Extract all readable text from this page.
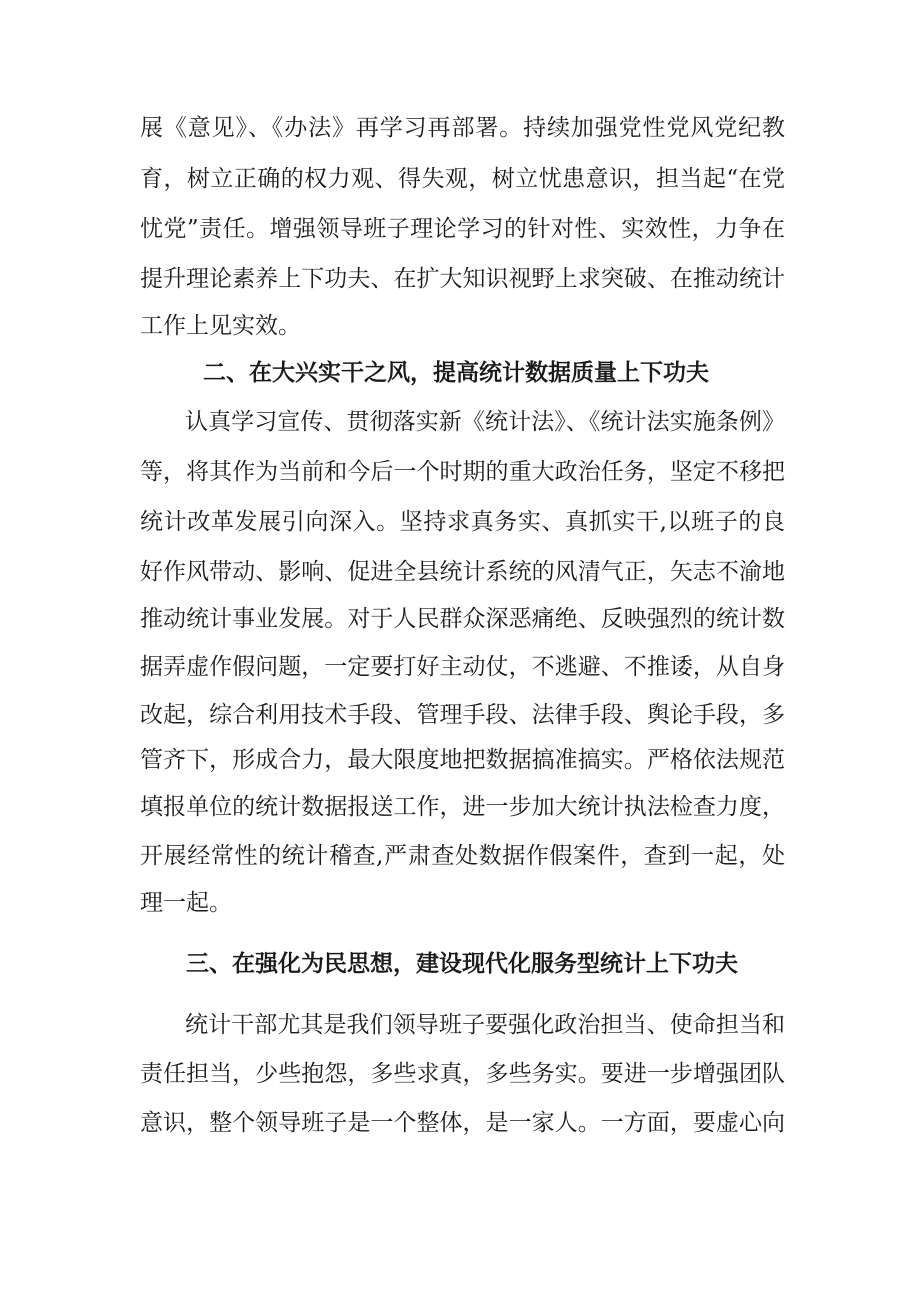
展《意见》、《办法》再学习再部署。持续加强党性党风党纪教
育，树立正确的权力观、得失观，树立忧患意识，担当起“在党
忧党”责任。增强领导班子理论学习的针对性、实效性，力争在
提升理论素养上下功夫、在扩大知识视野上求突破、在推动统计
工作上见实效。
二、在大兴实干之风，提高统计数据质量上下功夫
认真学习宣传、贯彻落实新《统计法》、《统计法实施条例》
等，将其作为当前和今后一个时期的重大政治任务，坚定不移把
统计改革发展引向深入。坚持求真务实、真抓实干,以班子的良
好作风带动、影响、促进全县统计系统的风清气正，矢志不渝地
推动统计事业发展。对于人民群众深恶痛绝、反映强烈的统计数
据弄虚作假问题，一定要打好主动仗，不逃避、不推诿，从自身
改起，综合利用技术手段、管理手段、法律手段、舆论手段，多
管齐下，形成合力，最大限度地把数据搞准搞实。严格依法规范
填报单位的统计数据报送工作，进一步加大统计执法检查力度，
开展经常性的统计稽查,严肃查处数据作假案件，查到一起，处
理一起。
三、在强化为民思想，建设现代化服务型统计上下功夫
统计干部尤其是我们领导班子要强化政治担当、使命担当和
责任担当，少些抱怨，多些求真，多些务实。要进一步增强团队
意识，整个领导班子是一个整体，是一家人。一方面，要虚心向
